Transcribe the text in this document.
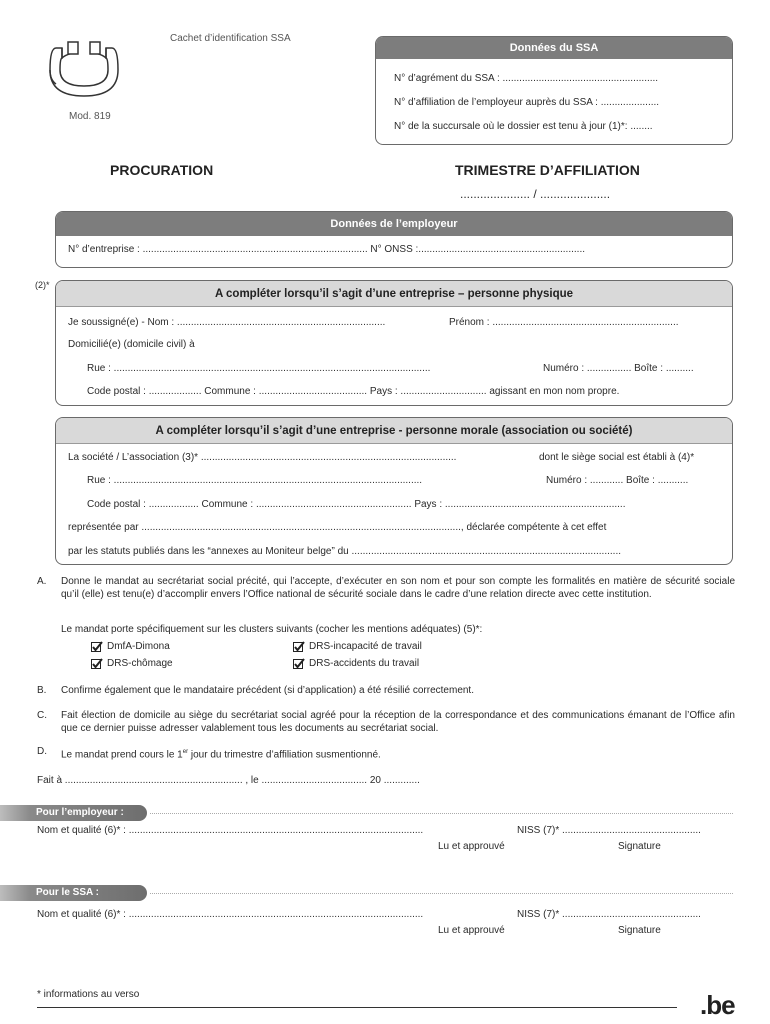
Cachet d’identification SSA
Mod. 819
Données du SSA
N° d’agrément du SSA : ........................................................
N° d’affiliation de l’employeur auprès du SSA : .....................
N° de la succursale où le dossier est tenu à jour (1)*: ........
PROCURATION	TRIMESTRE D’AFFILIATION
..................... / .....................
Données de l’employeur
N° d’entreprise : ................................................................................. N° ONSS :............................................................
(2)*
A compléter lorsqu’il s’agit d’une entreprise – personne physique
Je soussigné(e) - Nom : ...........................................................................	Prénom : ...................................................................
Domicilié(e) (domicile civil) à
Rue : ..................................................................................................................	Numéro : ................ Boîte : ..........
Code postal : ................... Commune : ....................................... Pays : ............................... agissant en mon nom propre.
A compléter lorsqu’il s’agit d’une entreprise - personne morale (association ou société)
La société / L’association (3)* ............................................................................................	dont le siège social est établi à (4)*
Rue : ...............................................................................................................	Numéro : ............ Boîte : ...........
Code postal : .................. Commune : ........................................................ Pays : .................................................................
représentée par ..................................................................................................................., déclarée compétente à cet effet
par les statuts publiés dans les “annexes au Moniteur belge” du .................................................................................................
A. Donne le mandat au secrétariat social précité, qui l’accepte, d’exécuter en son nom et pour son compte les formalités en matière de sécurité sociale qu’il (elle) est tenu(e) d’accomplir envers l’Office national de sécurité sociale dans le cadre d’une relation directe avec cette institution.
Le mandat porte spécifiquement sur les clusters suivants (cocher les mentions adéquates) (5)*:
DmfA-Dimona
DRS-chômage
DRS-incapacité de travail
DRS-accidents du travail
B. Confirme également que le mandataire précédent (si d’application) a été résilié correctement.
C. Fait élection de domicile au siège du secrétariat social agréé pour la réception de la correspondance et des communications émanant de l’Office afin que ce dernier puisse adresser valablement tous les documents au secrétariat social.
D. Le mandat prend cours le 1er jour du trimestre d’affiliation susmentionné.
Fait à ................................................................ , le ...................................... 20 .............
Pour l’employeur :
Nom et qualité (6)* : ..........................................................................................................	NISS (7)* ..................................................
Lu et approuvé	Signature
Pour le SSA :
Nom et qualité (6)* : ..........................................................................................................	NISS (7)* ..................................................
Lu et approuvé	Signature
* informations au verso	.be
